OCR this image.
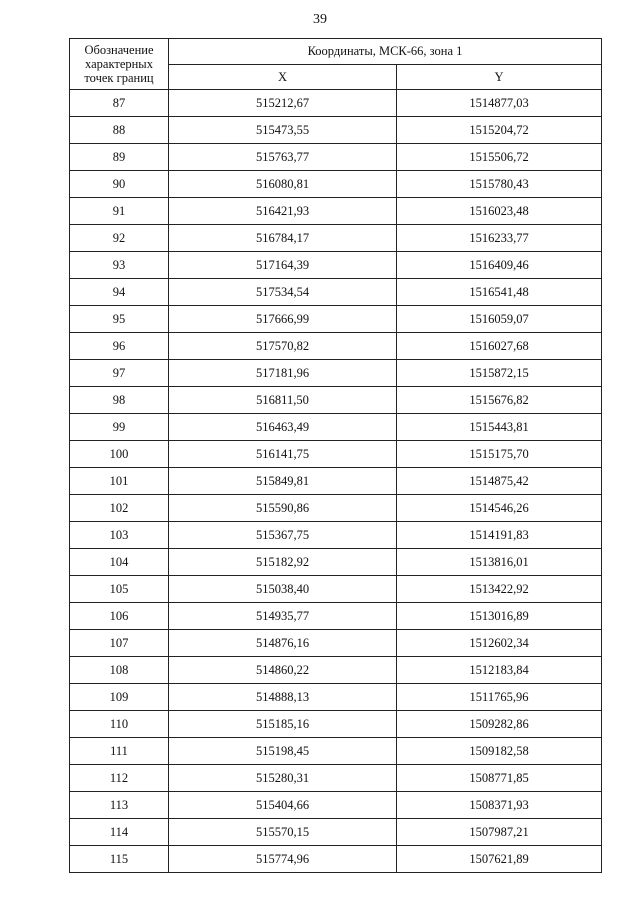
39
Обозначение
характерных
точек границ	Координаты, МСК-66, зона 1	
	X	Y
87	515212,67	1514877,03
88	515473,55	1515204,72
89	515763,77	1515506,72
90	516080,81	1515780,43
91	516421,93	1516023,48
92	516784,17	1516233,77
93	517164,39	1516409,46
94	517534,54	1516541,48
95	517666,99	1516059,07
96	517570,82	1516027,68
97	517181,96	1515872,15
98	516811,50	1515676,82
99	516463,49	1515443,81
100	516141,75	1515175,70
101	515849,81	1514875,42
102	515590,86	1514546,26
103	515367,75	1514191,83
104	515182,92	1513816,01
105	515038,40	1513422,92
106	514935,77	1513016,89
107	514876,16	1512602,34
108	514860,22	1512183,84
109	514888,13	1511765,96
110	515185,16	1509282,86
111	515198,45	1509182,58
112	515280,31	1508771,85
113	515404,66	1508371,93
114	515570,15	1507987,21
115	515774,96	1507621,89
